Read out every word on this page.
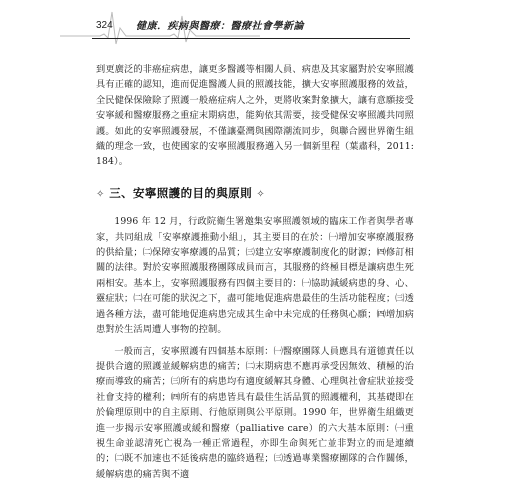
324 健康．疾病與醫療：醫療社會學新論

到更廣泛的非癌症病患，讓更多醫護等相關人員、病患及其家屬對於安寧照護具有正確的認知，進而促進醫護人員的照護技能，擴大安寧照護服務的效益，全民健保保險除了照護一般癌症病人之外，更將收案對象擴大，讓有意願接受安寧緩和醫療服務之重症末期病患，能夠依其需要，接受健保安寧照護共同照護。如此的安寧照護發展，不僅讓臺灣與國際潮流同步，與聯合國世界衛生組織的理念一致，也使國家的安寧照護服務邁入另一個新里程（葉肅科，2011: 184）。

✧ 三、安寧照護的目的與原則 ✧

1996 年 12 月，行政院衛生署邀集安寧照護領域的臨床工作者與學者專家，共同組成「安寧療護推動小組」，其主要目的在於：㈠增加安寧療護服務的供給量；㈡保障安寧療護的品質；㈢建立安寧療護制度化的財源；㈣修訂相關的法律。對於安寧照護服務團隊成員而言，其服務的終極目標是讓病患生死兩相安。基本上，安寧照護服務有四個主要目的：㈠協助減緩病患的身、心、靈症狀；㈡在可能的狀況之下，盡可能地促進病患最佳的生活功能程度；㈢透過各種方法，盡可能地促進病患完成其生命中未完成的任務與心願；㈣增加病患對於生活周遭人事物的控制。

一般而言，安寧照護有四個基本原則：㈠醫療團隊人員應具有道德責任以提供合適的照護並緩解病患的痛苦；㈡末期病患不應再承受因無效、積極的治療而導致的痛苦；㈢所有的病患均有適度緩解其身體、心理與社會症狀並接受社會支持的權利；㈣所有的病患皆具有最佳生活品質的照護權利，其基礎即在於倫理原則中的自主原則、行他原則與公平原則。1990 年，世界衛生組織更進一步揭示安寧照護或緩和醫療（palliative care）的六大基本原則：㈠重視生命並認清死亡視為一種正常過程，亦即生命與死亡並非對立的而是連續的；㈡既不加速也不延後病患的臨終過程；㈢透過專業醫療團隊的合作關係，緩解病患的痛苦與不適
